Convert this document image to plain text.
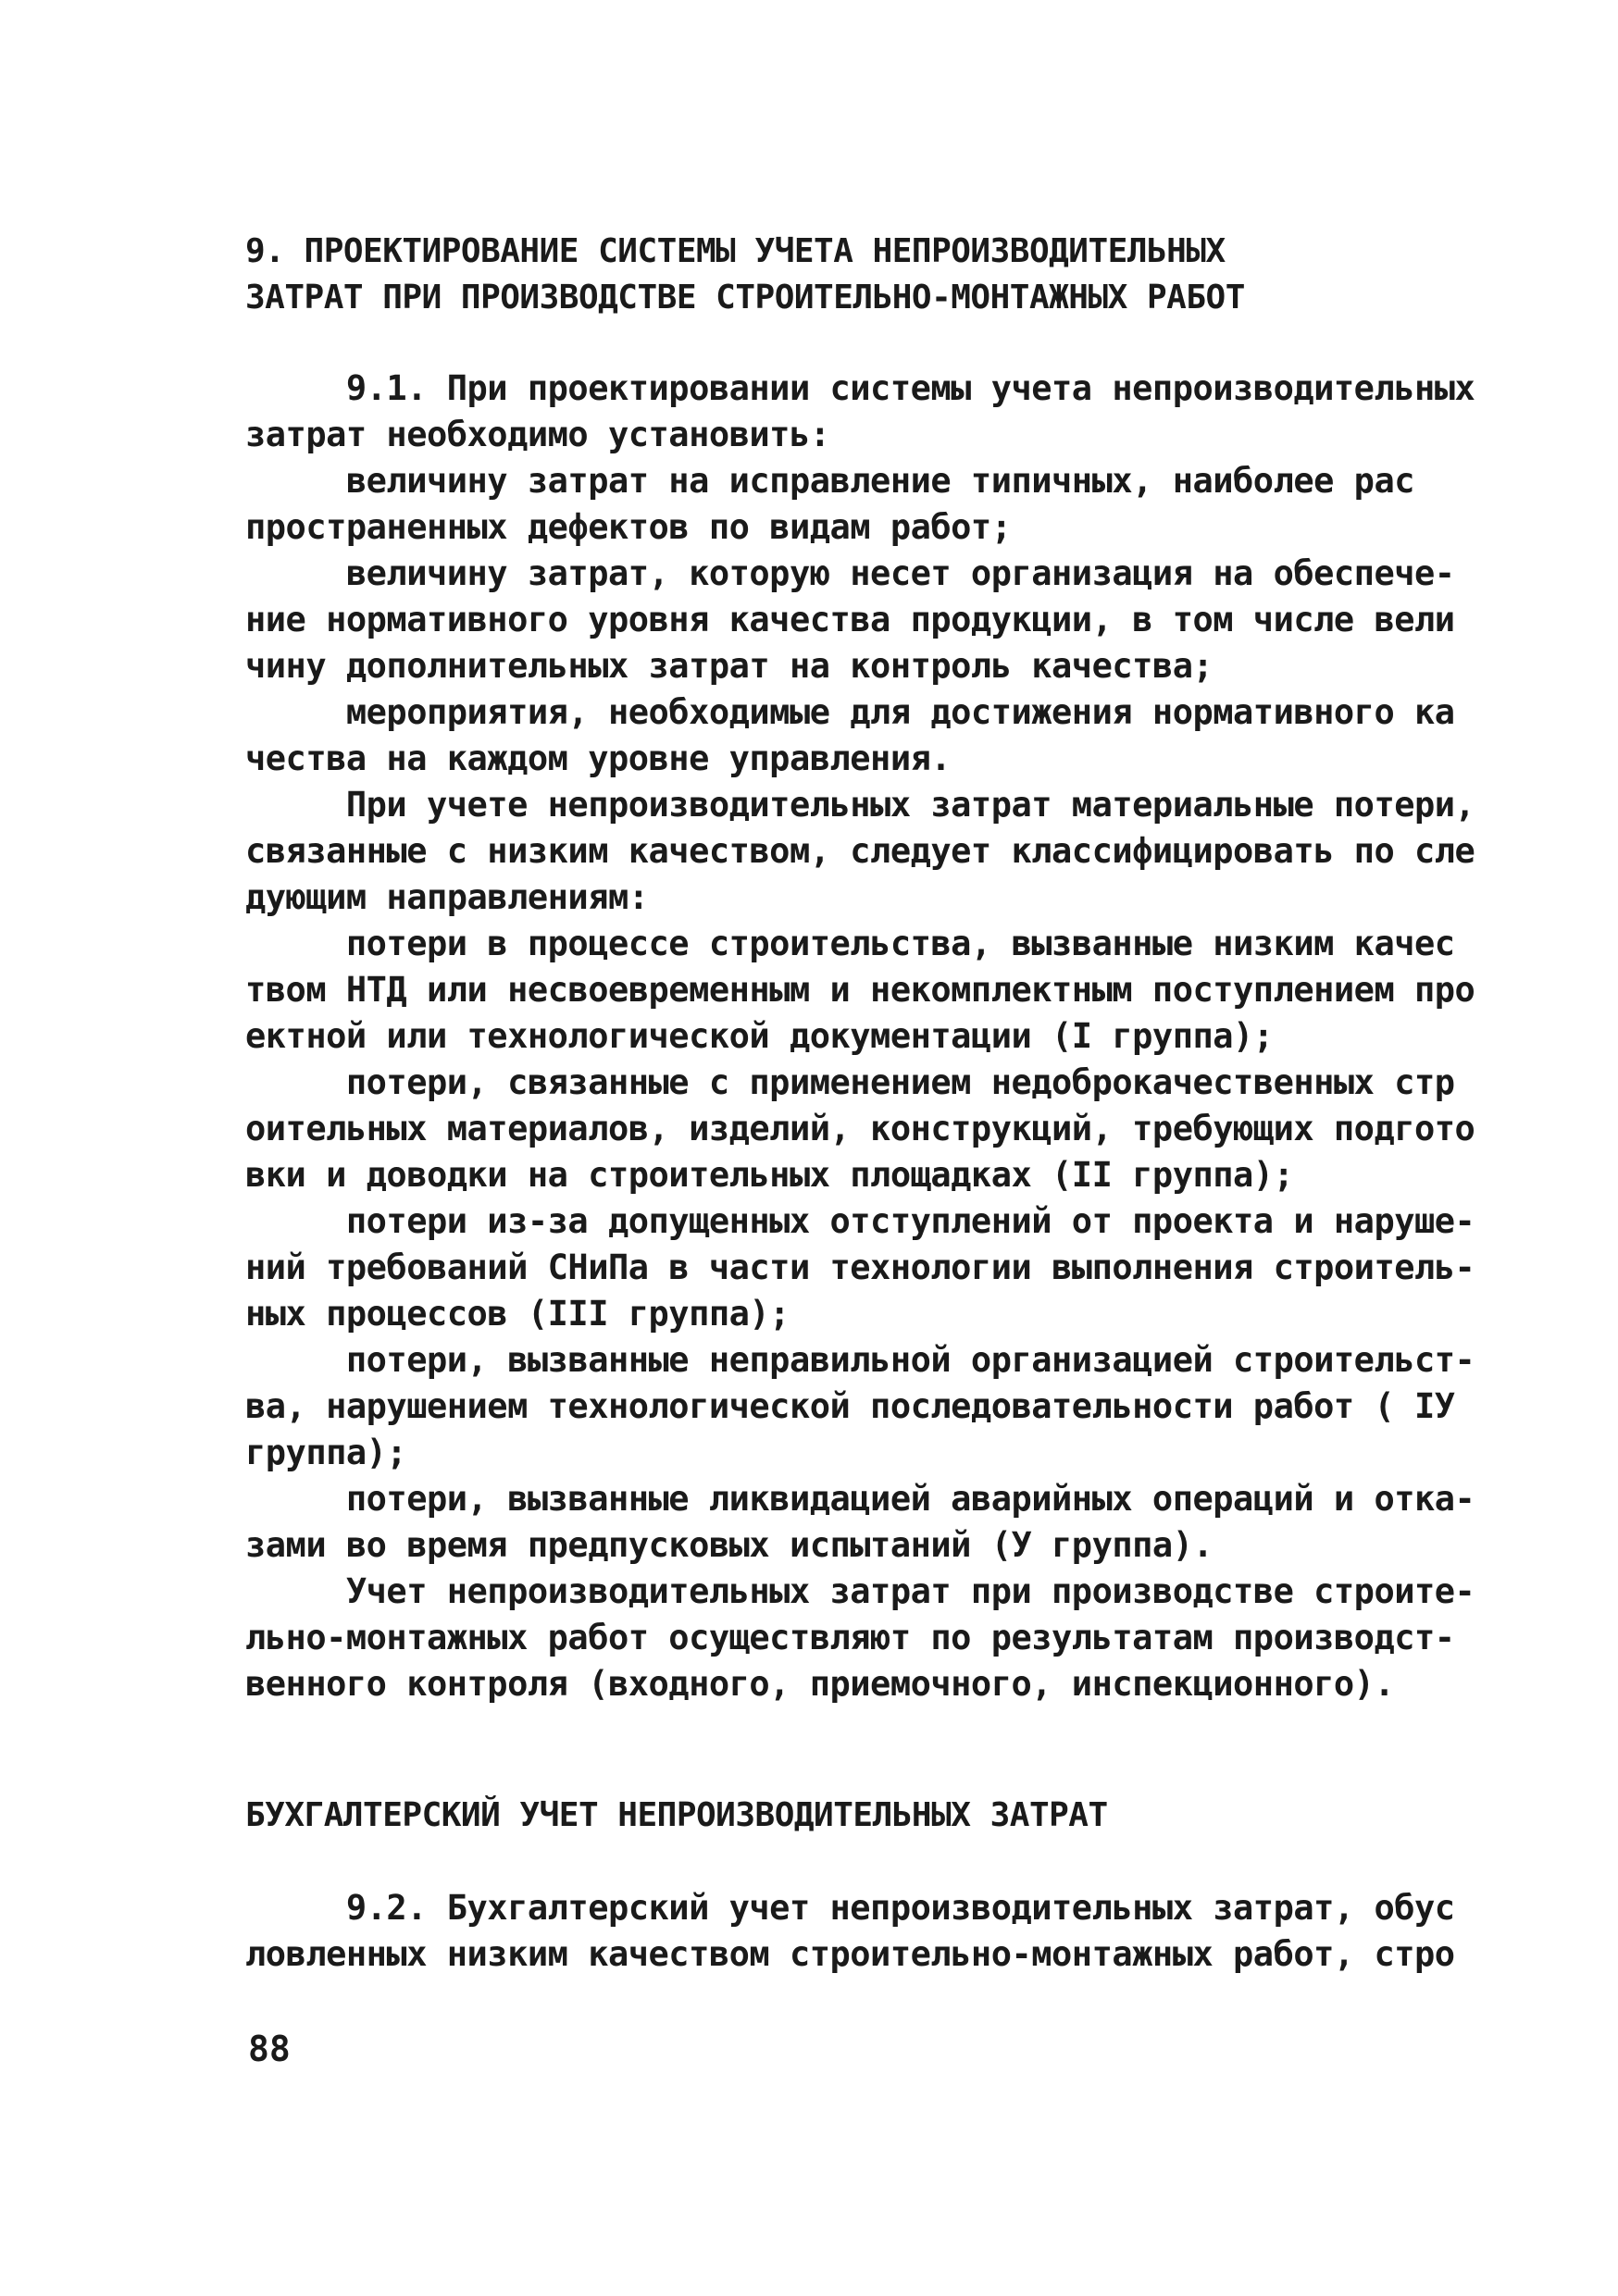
9. ПРОЕКТИРОВАНИЕ СИСТЕМЫ УЧЕТА НЕПРОИЗВОДИТЕЛЬНЫХ
ЗАТРАТ ПРИ ПРОИЗВОДСТВЕ СТРОИТЕЛЬНО-МОНТАЖНЫХ РАБОТ
9.1. При проектировании системы учета непроизводительных
затрат необходимо установить:
величину затрат на исправление типичных, наиболее рас
пространенных дефектов по видам работ;
величину затрат, которую несет организация на обеспече-
ние нормативного уровня качества продукции, в том числе вели
чину дополнительных затрат на контроль качества;
мероприятия, необходимые для достижения нормативного ка
чества на каждом уровне управления.
При учете непроизводительных затрат материальные потери,
связанные с низким качеством, следует классифицировать по сле
дующим направлениям:
потери в процессе строительства, вызванные низким качес
твом НТД или несвоевременным и некомплектным поступлением про
ектной или технологической документации (I группа);
потери, связанные с применением недоброкачественных стр
оительных материалов, изделий, конструкций, требующих подгото
вки и доводки на строительных площадках (II группа);
потери из-за допущенных отступлений от проекта и наруше-
ний требований СНиПа в части технологии выполнения строитель-
ных процессов (III группа);
потери, вызванные неправильной организацией строительст-
ва, нарушением технологической последовательности работ ( IУ
группа);
потери, вызванные ликвидацией аварийных операций и отка-
зами во время предпусковых испытаний (У группа).
Учет непроизводительных затрат при производстве строите-
льно-монтажных работ осуществляют по результатам производст-
венного контроля (входного, приемочного, инспекционного).
БУХГАЛТЕРСКИЙ УЧЕТ НЕПРОИЗВОДИТЕЛЬНЫХ ЗАТРАТ
9.2. Бухгалтерский учет непроизводительных затрат, обус
ловленных низким качеством строительно-монтажных работ, стро
88
